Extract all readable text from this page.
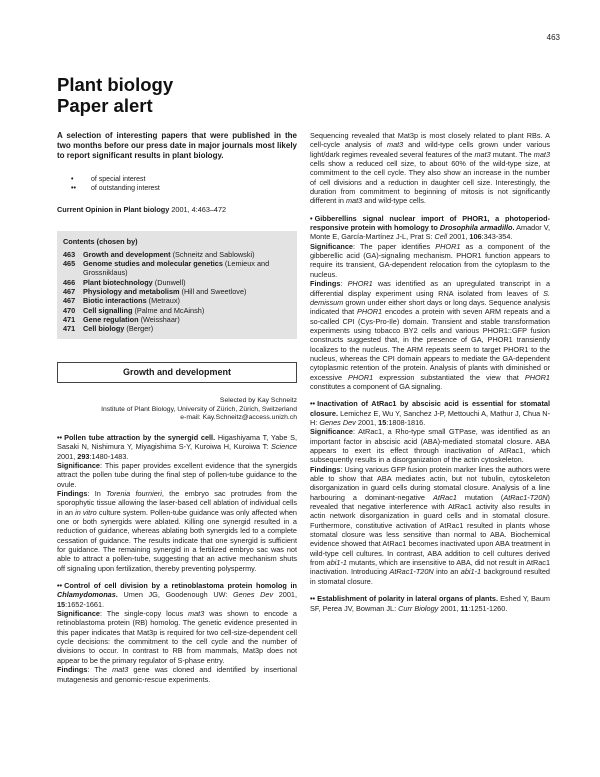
463
Plant biology
Paper alert

A selection of interesting papers that were published in the two months before our press date in major journals most likely to report significant results in plant biology.

•	of special interest
••	of outstanding interest

Current Opinion in Plant biology 2001, 4:463–472

Contents (chosen by)
463	Growth and development (Schneitz and Sablowski)
465	Genome studies and molecular genetics (Lemieux and Grossniklaus)
466	Plant biotechnology (Dunwell)
467	Physiology and metabolism (Hill and Sweetlove)
467	Biotic interactions (Metraux)
470	Cell signalling (Palme and McAinsh)
471	Gene regulation (Weisshaar)
471	Cell biology (Berger)
Growth and development
Selected by Kay Schneitz
Institute of Plant Biology, University of Zürich, Zürich, Switzerland
e-mail: Kay.Schneitz@access.unizh.ch

•• Pollen tube attraction by the synergid cell. Higashiyama T, Yabe S, Sasaki N, Nishimura Y, Miyagishima S-Y, Kuroiwa H, Kuroiwa T: Science 2001, 293:1480-1483.

Significance: This paper provides excellent evidence that the synergids attract the pollen tube during the final step of pollen-tube guidance to the ovule.

Findings: In Torenia fournieri, the embryo sac protrudes from the sporophytic tissue allowing the laser-based cell ablation of individual cells in an in vitro culture system. Pollen-tube guidance was only affected when one or both synergids were ablated. Killing one synergid resulted in a reduction of guidance, whereas ablating both synergids led to a complete cessation of guidance. The results indicate that one synergid is sufficient for guidance. The remaining synergid in a fertilized embryo sac was not able to attract a pollen-tube, suggesting that an active mechanism shuts off signaling upon fertilization, thereby preventing polyspermy.

•• Control of cell division by a retinoblastoma protein homolog in Chlamydomonas. Umen JG, Goodenough UW: Genes Dev 2001, 15:1652-1661.

Significance: The single-copy locus mat3 was shown to encode a retinoblastoma protein (RB) homolog. The genetic evidence presented in this paper indicates that Mat3p is required for two cell-size-dependent cell cycle decisions: the commitment to the cell cycle and the number of divisions to occur. In contrast to RB from mammals, Mat3p does not appear to be the primary regulator of S-phase entry.

Findings: The mat3 gene was cloned and identified by insertional mutagenesis and genomic-rescue experiments.

Sequencing revealed that Mat3p is most closely related to plant RBs. A cell-cycle analysis of mat3 and wild-type cells grown under various light/dark regimes revealed several features of the mat3 mutant. The mat3 cells show a reduced cell size, to about 60% of the wild-type size, at commitment to the cell cycle. They also show an increase in the number of cell divisions and a reduction in daughter cell size. Interestingly, the duration from commitment to beginning of mitosis is not significantly different in mat3 and wild-type cells.

• Gibberellins signal nuclear import of PHOR1, a photoperiod-responsive protein with homology to Drosophila armadillo. Amador V, Monte E, García-Martínez J-L, Prat S: Cell 2001, 106:343-354.

Significance: The paper identifies PHOR1 as a component of the gibberellic acid (GA)-signaling mechanism. PHOR1 function appears to require its transient, GA-dependent relocation from the cytoplasm to the nucleus.

Findings: PHOR1 was identified as an upregulated transcript in a differential display experiment using RNA isolated from leaves of S. demissum grown under either short days or long days. Sequence analysis indicated that PHOR1 encodes a protein with seven ARM repeats and a so-called CPI (Cys-Pro-Ile) domain. Transient and stable transformation experiments using tobacco BY2 cells and various PHOR1::GFP fusion constructs suggested that, in the presence of GA, PHOR1 transiently localizes to the nucleus. The ARM repeats seem to target PHOR1 to the nucleus, whereas the CPI domain appears to mediate the GA-dependent cytoplasmic retention of the protein. Analysis of plants with diminished or excessive PHOR1 expression substantiated the view that PHOR1 constitutes a component of GA signaling.

•• Inactivation of AtRac1 by abscisic acid is essential for stomatal closure. Lemichez E, Wu Y, Sanchez J-P, Mettouchi A, Mathur J, Chua N-H: Genes Dev 2001, 15:1808-1816.

Significance: AtRac1, a Rho-type small GTPase, was identified as an important factor in abscisic acid (ABA)-mediated stomatal closure. ABA appears to exert its effect through inactivation of AtRac1, which subsequently results in a disorganization of the actin cytoskeleton.

Findings: Using various GFP fusion protein marker lines the authors were able to show that ABA mediates actin, but not tubulin, cytoskeleton disorganization in guard cells during stomatal closure. Analysis of a line harbouring a dominant-negative AtRac1 mutation (AtRac1-T20N) revealed that negative interference with AtRac1 activity also results in actin network disorganization in guard cells and in stomatal closure. Furthermore, constitutive activation of AtRac1 resulted in plants whose stomatal closure was less sensitive than normal to ABA. Biochemical evidence showed that AtRac1 becomes inactivated upon ABA treatment in wild-type cell cultures. In contrast, ABA addition to cell cultures derived from abi1-1 mutants, which are insensitive to ABA, did not result in AtRac1 inactivation. Introducing AtRac1-T20N into an abi1-1 background resulted in stomatal closure.

•• Establishment of polarity in lateral organs of plants. Eshed Y, Baum SF, Perea JV, Bowman JL: Curr Biology 2001, 11:1251-1260.
